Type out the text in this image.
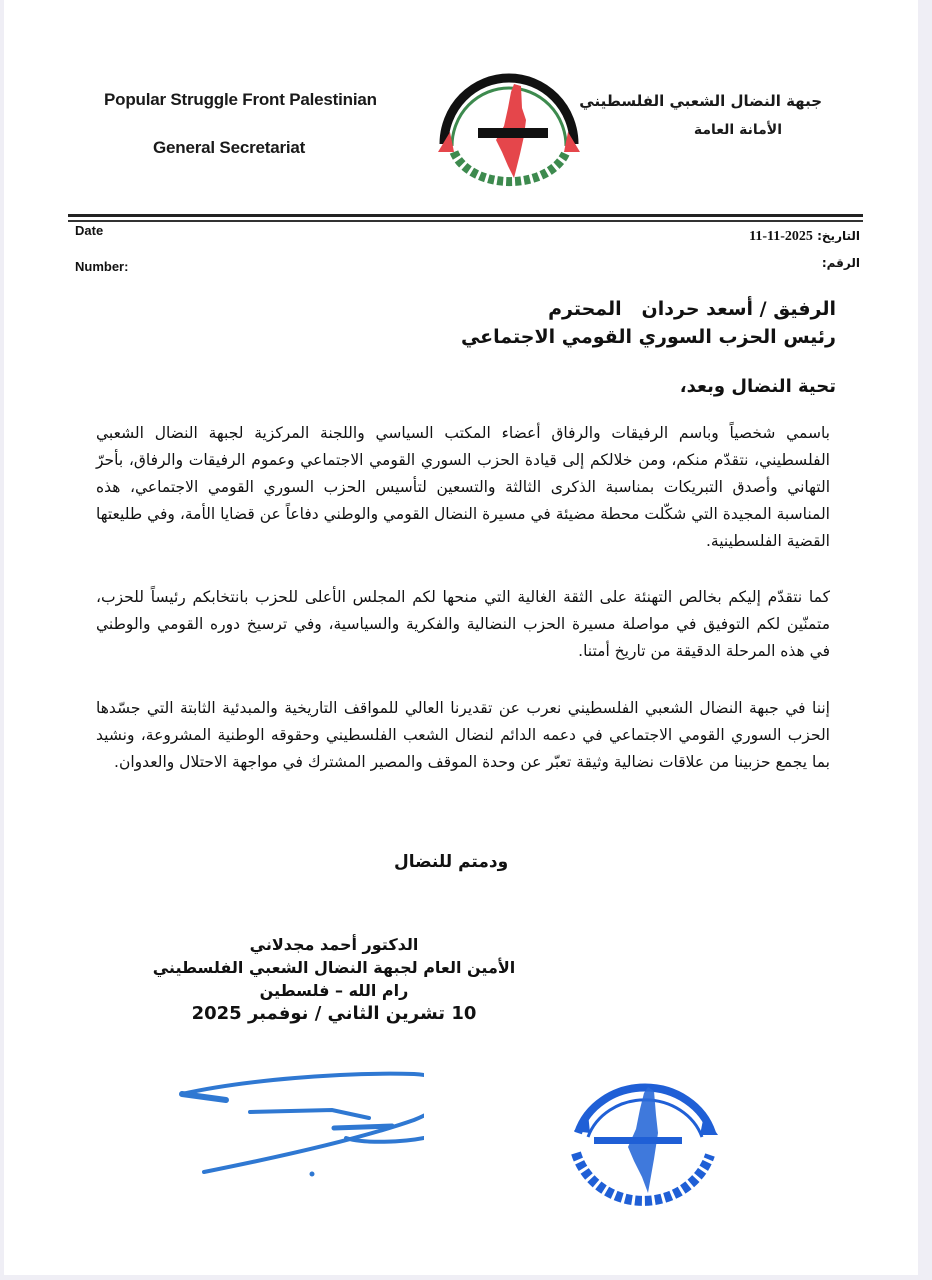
Popular Struggle Front Palestinian
General Secretariat
جبهة النضال الشعبي الفلسطيني
الأمانة العامة
Date
Number:
التاريخ: 2025-11-11
الرقم:
الرفيق / أسعد حردان   المحترم
رئيس الحزب السوري القومي الاجتماعي
تحية النضال وبعد،

باسمي شخصياً وباسم الرفيقات والرفاق أعضاء المكتب السياسي واللجنة المركزية لجبهة النضال الشعبي الفلسطيني، نتقدّم منكم، ومن خلالكم إلى قيادة الحزب السوري القومي الاجتماعي وعموم الرفيقات والرفاق، بأحرّ التهاني وأصدق التبريكات بمناسبة الذكرى الثالثة والتسعين لتأسيس الحزب السوري القومي الاجتماعي، هذه المناسبة المجيدة التي شكّلت محطة مضيئة في مسيرة النضال القومي والوطني دفاعاً عن قضايا الأمة، وفي طليعتها القضية الفلسطينية.

كما نتقدّم إليكم بخالص التهنئة على الثقة الغالية التي منحها لكم المجلس الأعلى للحزب بانتخابكم رئيساً للحزب، متمنّين لكم التوفيق في مواصلة مسيرة الحزب النضالية والفكرية والسياسية، وفي ترسيخ دوره القومي والوطني في هذه المرحلة الدقيقة من تاريخ أمتنا.

إننا في جبهة النضال الشعبي الفلسطيني نعرب عن تقديرنا العالي للمواقف التاريخية والمبدئية الثابتة التي جسّدها الحزب السوري القومي الاجتماعي في دعمه الدائم لنضال الشعب الفلسطيني وحقوقه الوطنية المشروعة، ونشيد بما يجمع حزبينا من علاقات نضالية وثيقة تعبّر عن وحدة الموقف والمصير المشترك في مواجهة الاحتلال والعدوان.

ودمتم للنضال
الدكتور أحمد مجدلاني
الأمين العام لجبهة النضال الشعبي الفلسطيني
رام الله – فلسطين
10 تشرين الثاني / نوفمبر 2025
